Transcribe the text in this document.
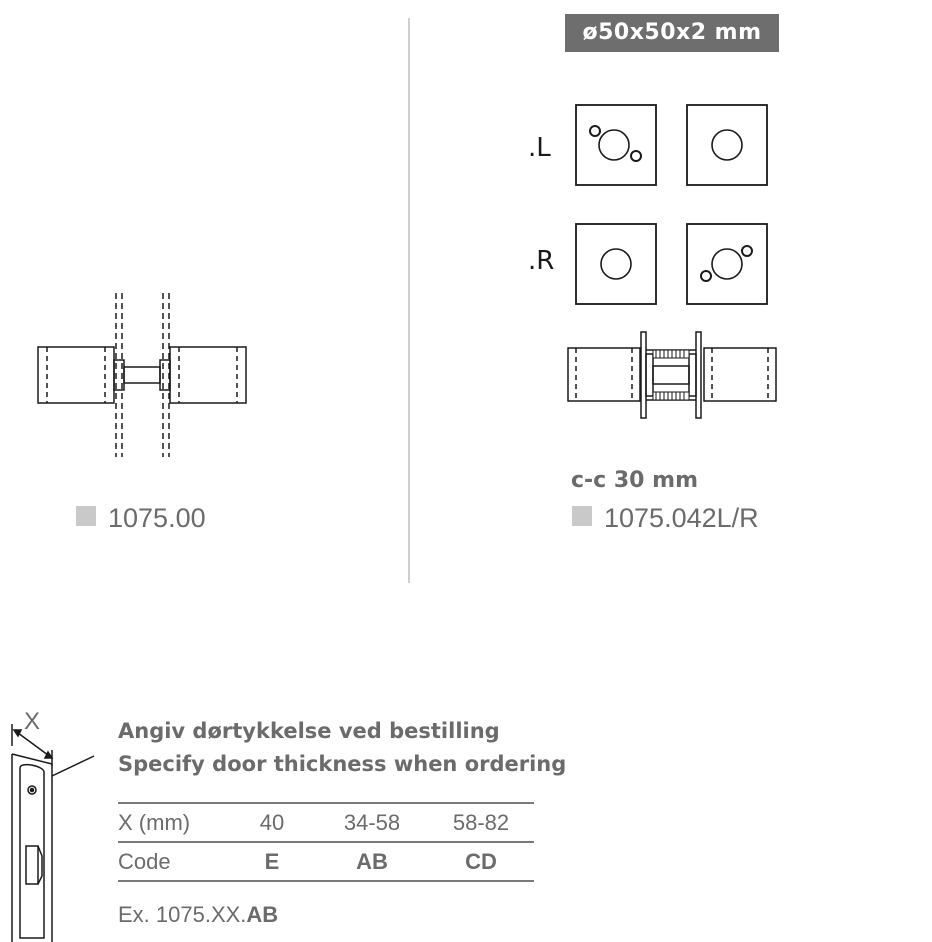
1075.00
ø50x50x2 mm
.L
.R
c-c 30 mm
1075.042L/R
X	Angiv dørtykkelse ved bestilling
Specify door thickness when ordering
X (mm)	40	34-58	58-82
Code	E	AB	CD
Ex. 1075.XX.AB
